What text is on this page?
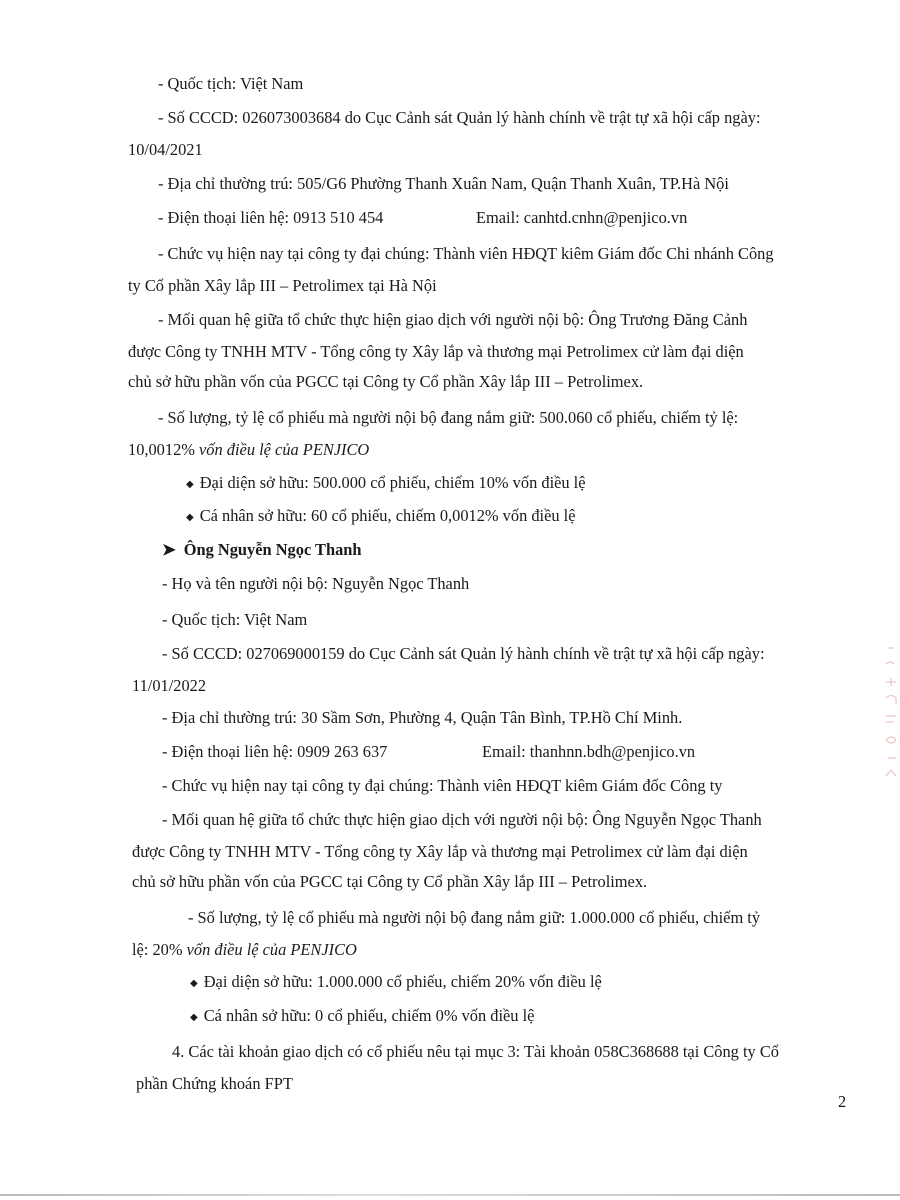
- Quốc tịch: Việt Nam
- Số CCCD: 026073003684 do Cục Cảnh sát Quản lý hành chính về trật tự xã hội cấp ngày:
10/04/2021
- Địa chỉ thường trú: 505/G6 Phường Thanh Xuân Nam, Quận Thanh Xuân, TP.Hà Nội
- Điện thoại liên hệ: 0913 510 454	Email: canhtd.cnhn@penjico.vn
- Chức vụ hiện nay tại công ty đại chúng: Thành viên HĐQT kiêm Giám đốc Chi nhánh Công
ty Cổ phần Xây lắp III – Petrolimex tại Hà Nội
- Mối quan hệ giữa tổ chức thực hiện giao dịch với người nội bộ: Ông Trương Đăng Cảnh
được Công ty TNHH MTV - Tổng công ty Xây lắp và thương mại Petrolimex cử làm đại diện
chủ sở hữu phần vốn của PGCC tại Công ty Cổ phần Xây lắp III – Petrolimex.
- Số lượng, tỷ lệ cổ phiếu mà người nội bộ đang nắm giữ: 500.060 cổ phiếu, chiếm tỷ lệ:
10,0012% vốn điều lệ của PENJICO
◆ Đại diện sở hữu: 500.000 cổ phiếu, chiếm 10% vốn điều lệ
◆ Cá nhân sở hữu: 60 cổ phiếu, chiếm 0,0012% vốn điều lệ
➤ Ông Nguyễn Ngọc Thanh
- Họ và tên người nội bộ: Nguyễn Ngọc Thanh
- Quốc tịch: Việt Nam
- Số CCCD: 027069000159 do Cục Cảnh sát Quản lý hành chính về trật tự xã hội cấp ngày:
11/01/2022
- Địa chỉ thường trú: 30 Sầm Sơn, Phường 4, Quận Tân Bình, TP.Hồ Chí Minh.
- Điện thoại liên hệ: 0909 263 637	Email: thanhnn.bdh@penjico.vn
- Chức vụ hiện nay tại công ty đại chúng: Thành viên HĐQT kiêm Giám đốc Công ty
- Mối quan hệ giữa tổ chức thực hiện giao dịch với người nội bộ: Ông Nguyễn Ngọc Thanh
được Công ty TNHH MTV - Tổng công ty Xây lắp và thương mại Petrolimex cử làm đại diện
chủ sở hữu phần vốn của PGCC tại Công ty Cổ phần Xây lắp III – Petrolimex.
- Số lượng, tỷ lệ cổ phiếu mà người nội bộ đang nắm giữ: 1.000.000 cổ phiếu, chiếm tỷ
lệ: 20% vốn điều lệ của PENJICO
◆ Đại diện sở hữu: 1.000.000 cổ phiếu, chiếm 20% vốn điều lệ
◆ Cá nhân sở hữu: 0 cổ phiếu, chiếm 0% vốn điều lệ
4. Các tài khoản giao dịch có cổ phiếu nêu tại mục 3: Tài khoản 058C368688 tại Công ty Cổ
phần Chứng khoán FPT
2
